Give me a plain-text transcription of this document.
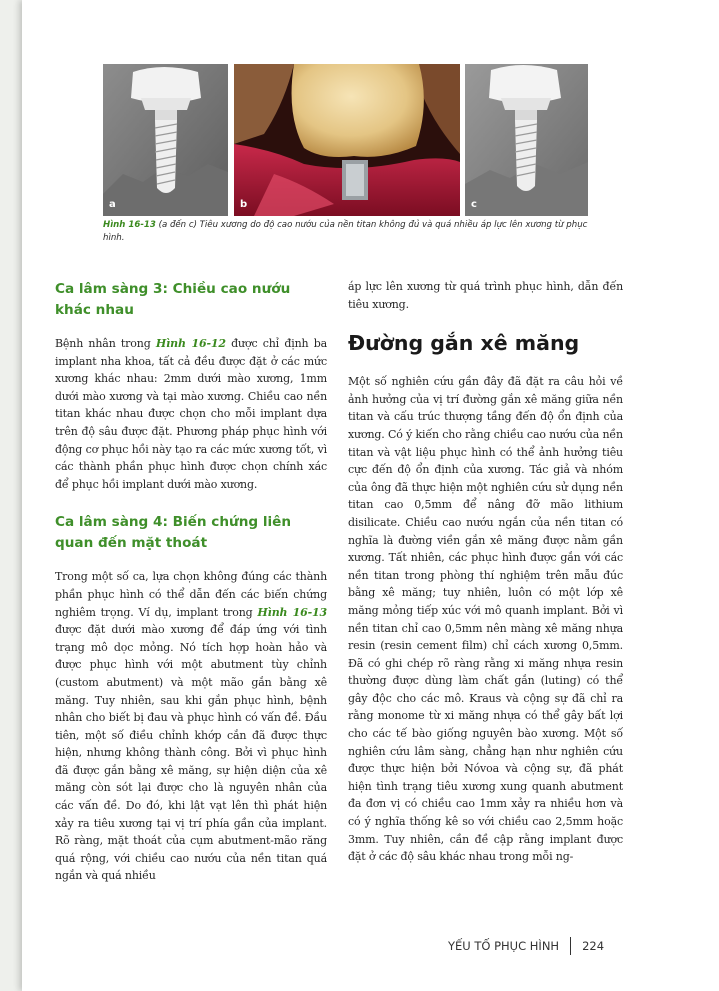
a	b	c
Hình 16-13 (a đến c) Tiêu xương do độ cao nướu của nền titan không đủ và quá nhiều áp lực lên xương từ phục hình.
Ca lâm sàng 3: Chiều cao nướu khác nhau

Bệnh nhân trong Hình 16-12 được chỉ định ba implant nha khoa, tất cả đều được đặt ở các mức xương khác nhau: 2mm dưới mào xương, 1mm dưới mào xương và tại mào xương. Chiều cao nền titan khác nhau được chọn cho mỗi implant dựa trên độ sâu được đặt. Phương pháp phục hình với động cơ phục hồi này tạo ra các mức xương tốt, vì các thành phần phục hình được chọn chính xác để phục hồi implant dưới mào xương.

Ca lâm sàng 4: Biến chứng liên quan đến mặt thoát

Trong một số ca, lựa chọn không đúng các thành phần phục hình có thể dẫn đến các biến chứng nghiêm trọng. Ví dụ, implant trong Hình 16-13 được đặt dưới mào xương để đáp ứng với tình trạng mô dọc mỏng. Nó tích hợp hoàn hảo và được phục hình với một abutment tùy chỉnh (custom abutment) và một mão gắn bằng xê măng. Tuy nhiên, sau khi gắn phục hình, bệnh nhân cho biết bị đau và phục hình có vấn đề. Đầu tiên, một số điều chỉnh khớp cắn đã được thực hiện, nhưng không thành công. Bởi vì phục hình đã được gắn bằng xê măng, sự hiện diện của xê măng còn sót lại được cho là nguyên nhân của các vấn đề. Do đó, khi lật vạt lên thì phát hiện xảy ra tiêu xương tại vị trí phía gần của implant. Rõ ràng, mặt thoát của cụm abutment-mão răng quá rộng, với chiều cao nướu của nền titan quá ngắn và quá nhiều

áp lực lên xương từ quá trình phục hình, dẫn đến tiêu xương.

Đường gắn xê măng

Một số nghiên cứu gần đây đã đặt ra câu hỏi về ảnh hưởng của vị trí đường gắn xê măng giữa nền titan và cấu trúc thượng tầng đến độ ổn định của xương. Có ý kiến cho rằng chiều cao nướu của nền titan và vật liệu phục hình có thể ảnh hưởng tiêu cực đến độ ổn định của xương. Tác giả và nhóm của ông đã thực hiện một nghiên cứu sử dụng nền titan cao 0,5mm để nâng đỡ mão lithium disilicate. Chiều cao nướu ngắn của nền titan có nghĩa là đường viền gắn xê măng được nằm gần xương. Tất nhiên, các phục hình được gắn với các nền titan trong phòng thí nghiệm trên mẫu đúc bằng xê măng; tuy nhiên, luôn có một lớp xê măng mỏng tiếp xúc với mô quanh implant. Bởi vì nền titan chỉ cao 0,5mm nên màng xê măng nhựa resin (resin cement film) chỉ cách xương 0,5mm. Đã có ghi chép rõ ràng rằng xi măng nhựa resin thường được dùng làm chất gắn (luting) có thể gây độc cho các mô. Kraus và cộng sự đã chỉ ra rằng monome từ xi măng nhựa có thể gây bất lợi cho các tế bào giống nguyên bào xương. Một số nghiên cứu lâm sàng, chẳng hạn như nghiên cứu được thực hiện bởi Nóvoa và cộng sự, đã phát hiện tình trạng tiêu xương xung quanh abutment đa đơn vị có chiều cao 1mm xảy ra nhiều hơn và có ý nghĩa thống kê so với chiều cao 2,5mm hoặc 3mm. Tuy nhiên, cần đề cập rằng implant được đặt ở các độ sâu khác nhau trong mỗi ng-

YẾU TỐ PHỤC HÌNH 224
